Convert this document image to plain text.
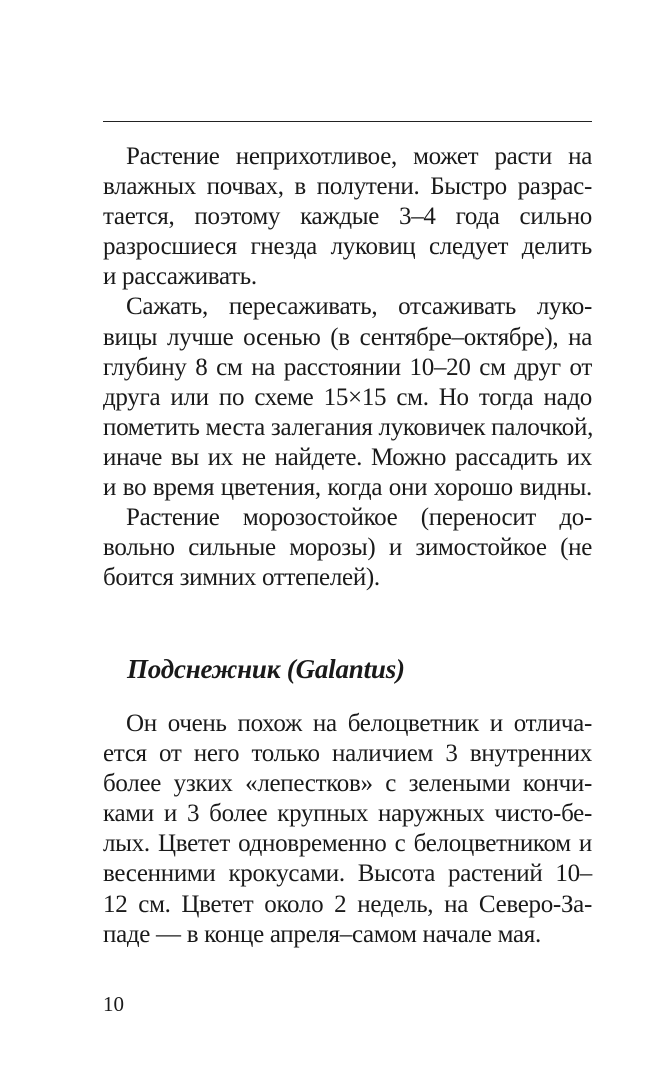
Растение неприхотливое, может расти на
влажных почвах, в полутени. Быстро разрас-
тается, поэтому каждые 3–4 года сильно
разросшиеся гнезда луковиц следует делить
и рассаживать.
Сажать, пересаживать, отсаживать луко-
вицы лучше осенью (в сентябре–октябре), на
глубину 8 см на расстоянии 10–20 см друг от
друга или по схеме 15×15 см. Но тогда надо
пометить места залегания луковичек палочкой,
иначе вы их не найдете. Можно рассадить их
и во время цветения, когда они хорошо видны.
Растение морозостойкое (переносит до-
вольно сильные морозы) и зимостойкое (не
боится зимних оттепелей).
Подснежник (Galantus)
Он очень похож на белоцветник и отлича-
ется от него только наличием 3 внутренних
более узких «лепестков» с зелеными кончи-
ками и 3 более крупных наружных чисто-бе-
лых. Цветет одновременно с белоцветником и
весенними крокусами. Высота растений 10–
12 см. Цветет около 2 недель, на Северо-За-
паде — в конце апреля–самом начале мая.
10
